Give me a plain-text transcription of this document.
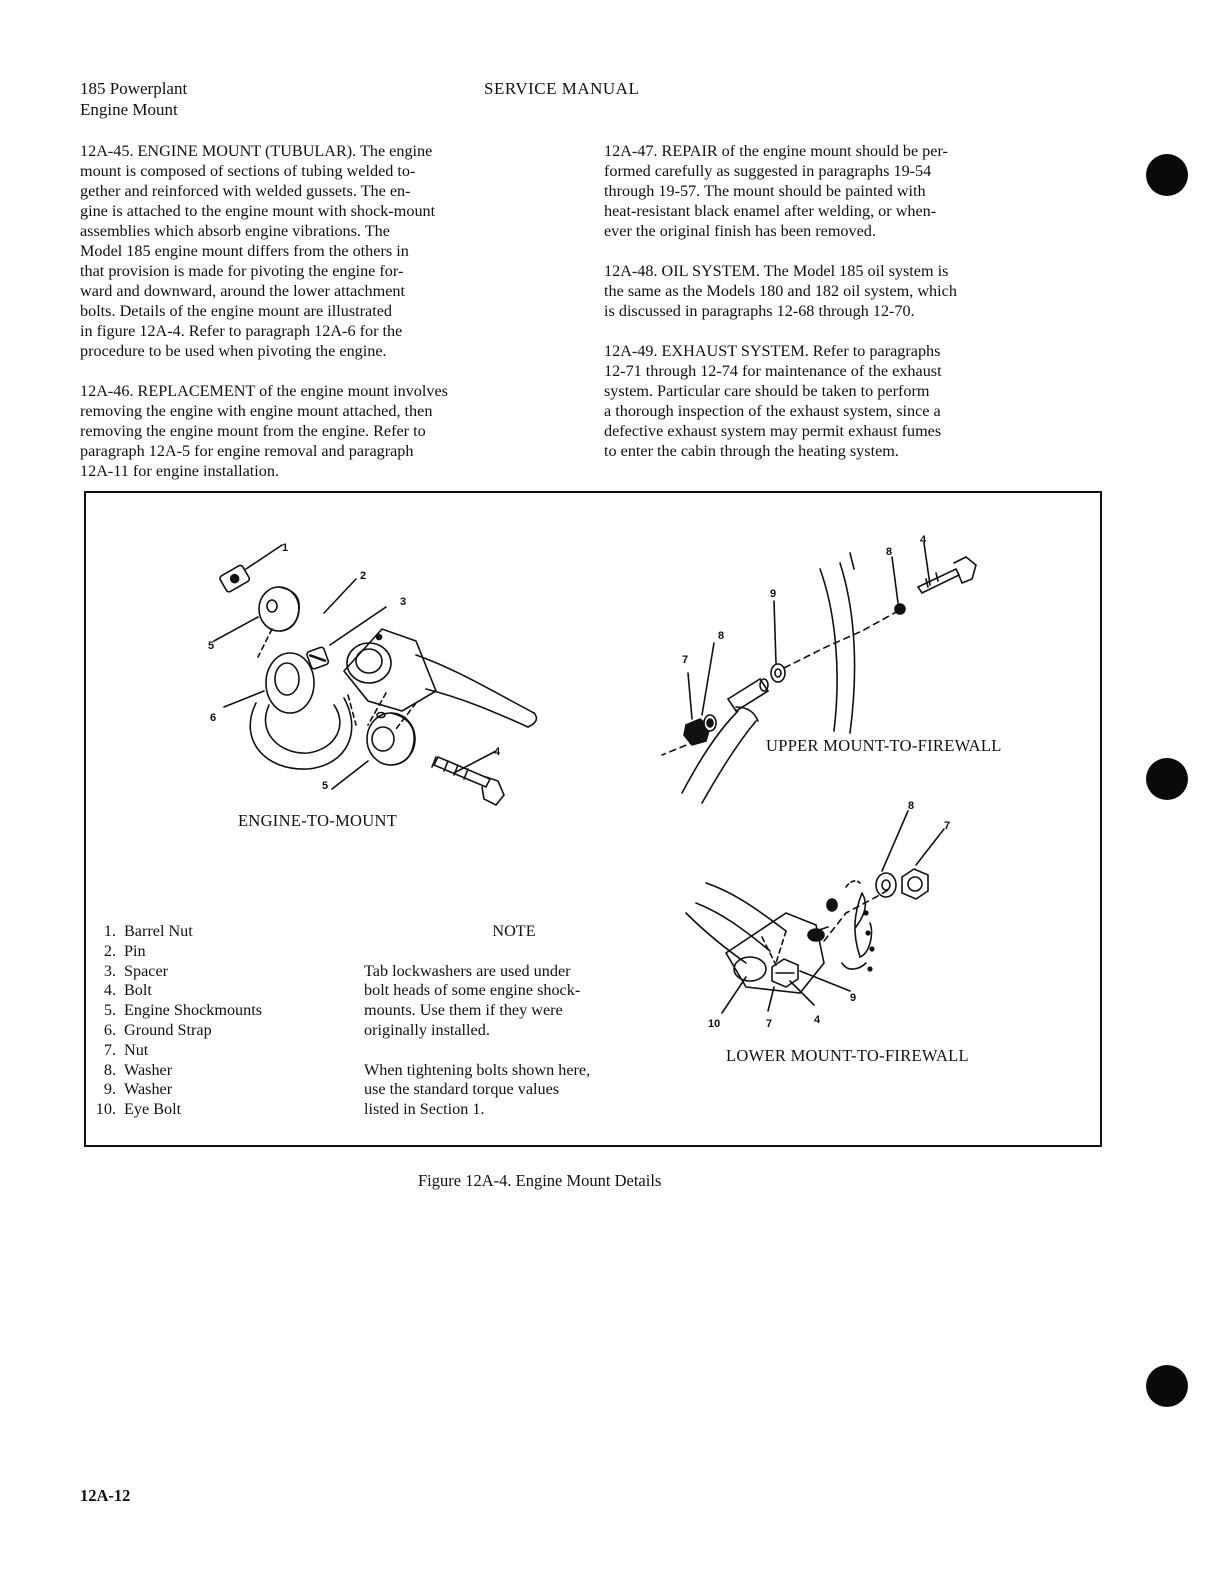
185 Powerplant
Engine Mount
SERVICE MANUAL

12A-45. ENGINE MOUNT (TUBULAR). The engine
mount is composed of sections of tubing welded to-
gether and reinforced with welded gussets. The en-
gine is attached to the engine mount with shock-mount
assemblies which absorb engine vibrations. The
Model 185 engine mount differs from the others in
that provision is made for pivoting the engine for-
ward and downward, around the lower attachment
bolts. Details of the engine mount are illustrated
in figure 12A-4. Refer to paragraph 12A-6 for the
procedure to be used when pivoting the engine.

12A-46. REPLACEMENT of the engine mount involves
removing the engine with engine mount attached, then
removing the engine mount from the engine. Refer to
paragraph 12A-5 for engine removal and paragraph
12A-11 for engine installation.

12A-47. REPAIR of the engine mount should be per-
formed carefully as suggested in paragraphs 19-54
through 19-57. The mount should be painted with
heat-resistant black enamel after welding, or when-
ever the original finish has been removed.

12A-48. OIL SYSTEM. The Model 185 oil system is
the same as the Models 180 and 182 oil system, which
is discussed in paragraphs 12-68 through 12-70.

12A-49. EXHAUST SYSTEM. Refer to paragraphs
12-71 through 12-74 for maintenance of the exhaust
system. Particular care should be taken to perform
a thorough inspection of the exhaust system, since a
defective exhaust system may permit exhaust fumes
to enter the cabin through the heating system.

1
2
3
5
6
4
5
8
4
9
8
7
8
7
9
10	7	4
ENGINE-TO-MOUNT
UPPER MOUNT-TO-FIREWALL
LOWER MOUNT-TO-FIREWALL
1. Barrel Nut
2. Pin
3. Spacer
4. Bolt
5. Engine Shockmounts
6. Ground Strap
7. Nut
8. Washer
9. Washer
10. Eye Bolt

NOTE

Tab lockwashers are used under
bolt heads of some engine shock-
mounts. Use them if they were
originally installed.

When tightening bolts shown here,
use the standard torque values
listed in Section 1.

Figure 12A-4. Engine Mount Details
12A-12
